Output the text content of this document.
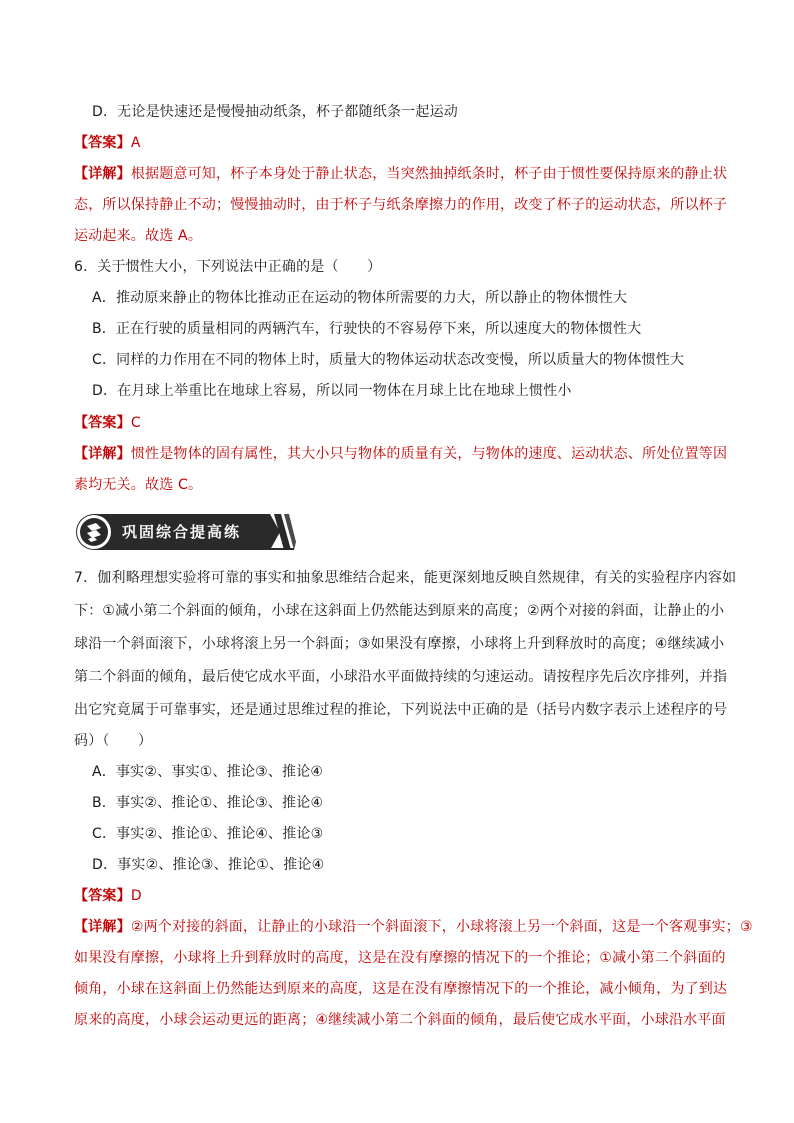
D．无论是快速还是慢慢抽动纸条，杯子都随纸条一起运动
【答案】A
【详解】根据题意可知，杯子本身处于静止状态，当突然抽掉纸条时，杯子由于惯性要保持原来的静止状
态，所以保持静止不动；慢慢抽动时，由于杯子与纸条摩擦力的作用，改变了杯子的运动状态，所以杯子
运动起来。故选 A。
6．关于惯性大小，下列说法中正确的是（　　）
A．推动原来静止的物体比推动正在运动的物体所需要的力大，所以静止的物体惯性大
B．正在行驶的质量相同的两辆汽车，行驶快的不容易停下来，所以速度大的物体惯性大
C．同样的力作用在不同的物体上时，质量大的物体运动状态改变慢，所以质量大的物体惯性大
D．在月球上举重比在地球上容易，所以同一物体在月球上比在地球上惯性小
【答案】C
【详解】惯性是物体的固有属性，其大小只与物体的质量有关，与物体的速度、运动状态、所处位置等因
素均无关。故选 C。
巩固综合提高练
7．伽利略理想实验将可靠的事实和抽象思维结合起来，能更深刻地反映自然规律，有关的实验程序内容如
下：①减小第二个斜面的倾角，小球在这斜面上仍然能达到原来的高度；②两个对接的斜面，让静止的小
球沿一个斜面滚下，小球将滚上另一个斜面；③如果没有摩擦，小球将上升到释放时的高度；④继续减小
第二个斜面的倾角，最后使它成水平面，小球沿水平面做持续的匀速运动。请按程序先后次序排列，并指
出它究竟属于可靠事实，还是通过思维过程的推论，下列说法中正确的是（括号内数字表示上述程序的号
码）（　　）
A．事实②、事实①、推论③、推论④
B．事实②、推论①、推论③、推论④
C．事实②、推论①、推论④、推论③
D．事实②、推论③、推论①、推论④
【答案】D
【详解】②两个对接的斜面，让静止的小球沿一个斜面滚下，小球将滚上另一个斜面，这是一个客观事实；③
如果没有摩擦，小球将上升到释放时的高度，这是在没有摩擦的情况下的一个推论；①减小第二个斜面的
倾角，小球在这斜面上仍然能达到原来的高度，这是在没有摩擦情况下的一个推论，减小倾角，为了到达
原来的高度，小球会运动更远的距离；④继续减小第二个斜面的倾角，最后使它成水平面，小球沿水平面
